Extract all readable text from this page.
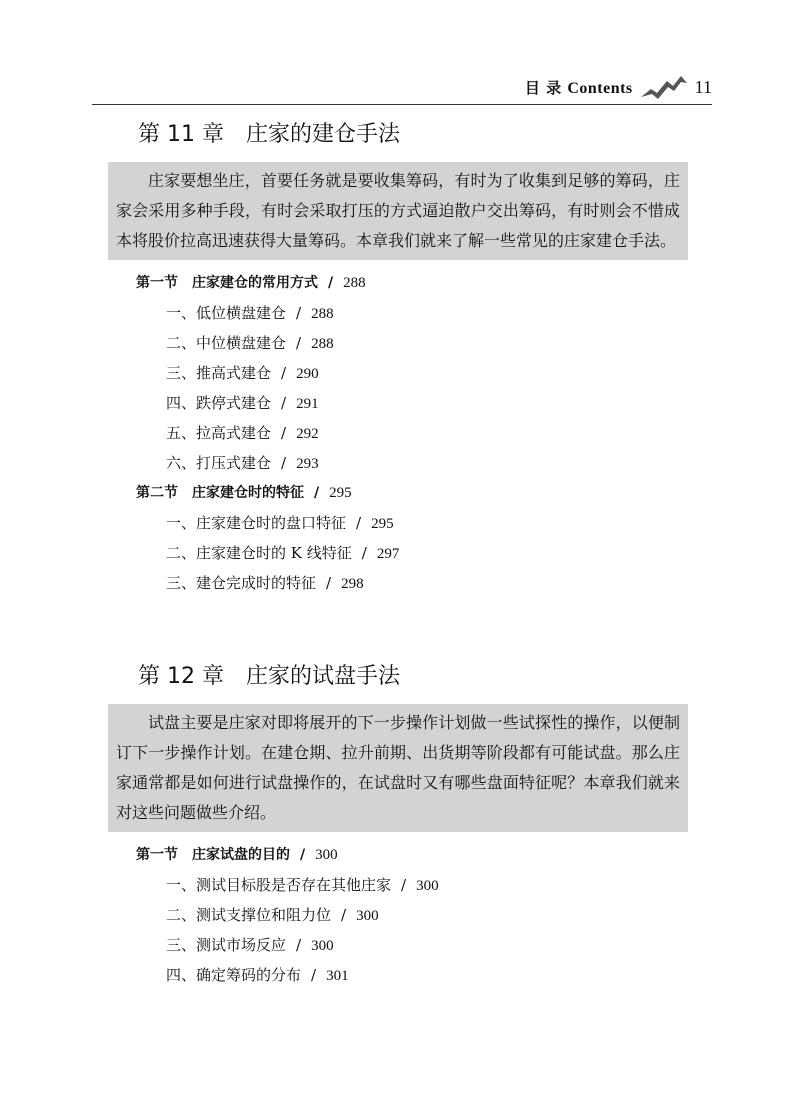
目 录 Contents	11
第 11 章　庄家的建仓手法

庄家要想坐庄，首要任务就是要收集筹码，有时为了收集到足够的筹码，庄家会采用多种手段，有时会采取打压的方式逼迫散户交出筹码，有时则会不惜成本将股价拉高迅速获得大量筹码。本章我们就来了解一些常见的庄家建仓手法。

第一节　庄家建仓的常用方式 / 288
一、低位横盘建仓 / 288
二、中位横盘建仓 / 288
三、推高式建仓 / 290
四、跌停式建仓 / 291
五、拉高式建仓 / 292
六、打压式建仓 / 293
第二节　庄家建仓时的特征 / 295
一、庄家建仓时的盘口特征 / 295
二、庄家建仓时的 K 线特征 / 297
三、建仓完成时的特征 / 298
第 12 章　庄家的试盘手法

试盘主要是庄家对即将展开的下一步操作计划做一些试探性的操作，以便制订下一步操作计划。在建仓期、拉升前期、出货期等阶段都有可能试盘。那么庄家通常都是如何进行试盘操作的，在试盘时又有哪些盘面特征呢？本章我们就来对这些问题做些介绍。

第一节　庄家试盘的目的 / 300
一、测试目标股是否存在其他庄家 / 300
二、测试支撑位和阻力位 / 300
三、测试市场反应 / 300
四、确定筹码的分布 / 301
